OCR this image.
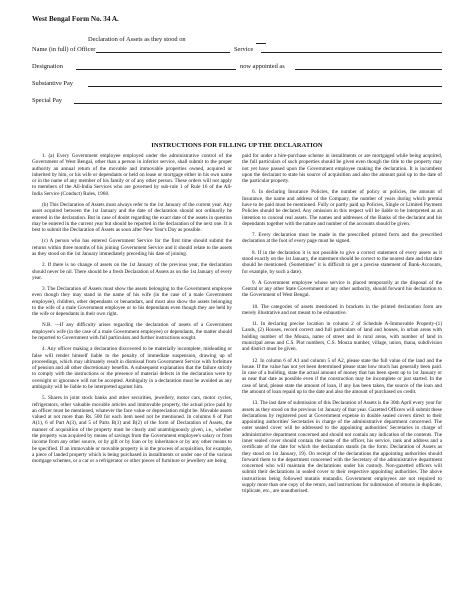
West Bengal Form No. 34 A.
Declaration of Assets as they stood on
Name (in full) of Officer	Service
Designation	now appointed as
Substantive Pay
Special Pay
INSTRUCTIONS FOR FILLING UP THE DECLARATION

1. (a) Every Government employee employed under the administrative control of the Government of West Bengal, other than a person in inferior service, shall submit to the proper authority an annual return of the movable and immovable properties owned, acquired or inherited by him, or his wife or dependants or held on lease or mortgage either in his own name or in the name of any member of his family or of any other person. These orders will not apply to members of the All-India Services who are governed by sub-rule 1 of Rule 16 of the All-India Service (Conduct) Rules, 1968.

(b) This Declaration of Assets must always refer to the 1st January of the current year. Any asset acquired between the 1st January and the date of declaration should not ordinarily be entered in the declaration. But in case of doubt regarding the exact date of the assets in question may be entered in the current year but should be reported in the declaration of the next one. It is best to submit the Declaration of Assets as soon after New Year's Day as possible.

(c) A person who has entered Government Service for the first time should submit the returns within three months of his joining Government Service and it should relate to the assets as they stood on the 1st January immediately preceding his date of joining.

2. If there is no change of assets on the 1st January of the previous year, the declaration should never be nil. There should be a fresh Declaration of Assets as on the 1st January of every year.

3. The Declaration of Assets must show the assets belonging to the Government employee even though they may stand in the name of his wife (in the case of a male Government employee), children, other dependants or benamdars, and must also show the assets belonging to the wife of a male Government employee or to his dependants even though they are held by the wife or dependants in their own right.

N.B. —If any difficulty arises regarding the declaration of assets of a Government employee's wife (in the case of a male Government employee) or dependants, the matter should be reported to Government with full particulars and further instructions sought.

4. Any officer making a declaration discovered to be materially incomplete, misleading or false will render himself liable to the penalty of immediate suspension, drawing up of proceedings, which may ultimately result in dismissal from Government Service with forfeiture of pension and all other discretionary benefits. A subsequent explanation that the failure strictly to comply with the instructions or the presence of material defects in the declaration were by oversight or ignorance will not be accepted. Ambiguity in a declaration must be avoided as any ambiguity will be liable to be interpreted against him.

5. Shares in joint stock banks and other securities, jewellery, motor cars, motor cycles, refrigerators, other valuable movable articles and immovable property, the actual price paid by an officer must be mentioned, whatever the face value or depreciation might be. Movable assets valued at not more than Rs. 500 for each item need not be mentioned. In columns 6 of Part A(1), 6 of Part A(3), and 5 of Parts B(1) and B(2) of the form of Declaration of Assets, the manner of acquisition of the property must be clearly and unambiguously given, i.e., whether the property was acquired by means of savings from the Government employee's salary or from income from any other source, or by gift or by loan or by inheritance or by any other means to be specified. If an immovable or movable property is in the process of acquisition, for example, a piece of landed property which is being purchased in installments or under one of the various mortgage schemes, or a car or a refrigerator or other pieces of furniture or jewellery are being

paid for under a hire-purchase scheme in installments or are mortgaged while being acquired, the full particulars of such properties should be given even though the title to the property may not yet have passed upon the Government employee making the declaration. It is incumbent upon the declarant to state his source of acquisition and also the amount paid up to the date of the particular property.

6. In declaring Insurance Policies, the number of policy or policies, the amount of Insurance, the name and address of the Company, the number of years during which premia have to be paid must be mentioned. Fully or partly paid up Policies, Single or Limited Payment Policies should be declared. Any omission in this respect will be liable to be interpreted as an intention to conceal real assets. The names and addresses of the Banks of the declarant and his dependants together with the nature and number of the accounts should be given.

7. Every declaration must be made in the prescribed printed form and the prescribed declaration at the foot of every page must be signed.

8. If in the declaration it is not possible to give a correct statement of every assets as it stood exactly on the 1st January, the statement should be correct to the nearest date and that date should be mentioned. (Sometimes" it is difficult to get a precise statement of Bank-Accounts, for example, by such a date).

9. A Government employee whose service is placed temporarily at the disposal of the Central or any other State Government or any other authority, should forward his declaration to the Government of West Bengal.

10. The categories of assets mentioned in brackets in the printed declaration form are merely illustrative and not meant to be exhaustive.

11. In declaring precise location in column 2 of Schedule A-Immovable Property-(1) Lands, (2) Houses, record correct and full particulars of land and houses, in urban areas with holding number of the Mouza, name of street and in rural areas, with number of land in municipal areas and C.S. Plot numbers, C.S. Mouza number, village, union, thana, subdivision and district must be given.

12. In column 6 of A1 and column 5 of A2, please state the full value of the land and the house. If the value has not yet been determined please state how much has generally been paid. In case of a building, state the actual amount of money that has been spent up to 1st January or as near that date as possible even if the construction may be incomplete or just started. In the case of land, please state the amount of loan, if any has been taken, the source of the loan and the amount of loan repaid up to the date and also the amount of purchased on credit.

13. The last date of submission of this Declaration of Assets is the 30th April every year for assets as they stood on the previous 1st January of that year. Gazetted Officers will submit these declarations by registered post at Government expense in double sealed covers direct to their appointing authorities' Secretaries in charge of the administrative department concerned. The outer sealed cover will be addressed to the appointing authorities' Secretaries in charge of administrative department concerned and should not contain any indication of the contents. The inner sealed cover should contain the name of the officer, his service, rank and address and a certificate of the date for which the declaration stands (in the form: Declaration of Assets as they stood on 1st January, 19). On receipt of the declarations the appointing authorities should forward them to the department concerned with the Secretary of the administrative department concerned who will maintain the declarations under his custody. Non-gazetted officers will submit their declarations in sealed cover to their respective appointing authorities. The above instructions being followed mutatis mutandis. Government employees are not required to supply more than one copy of the return, and instructions for submission of returns in duplicate, triplicate, etc., are unauthorised.
